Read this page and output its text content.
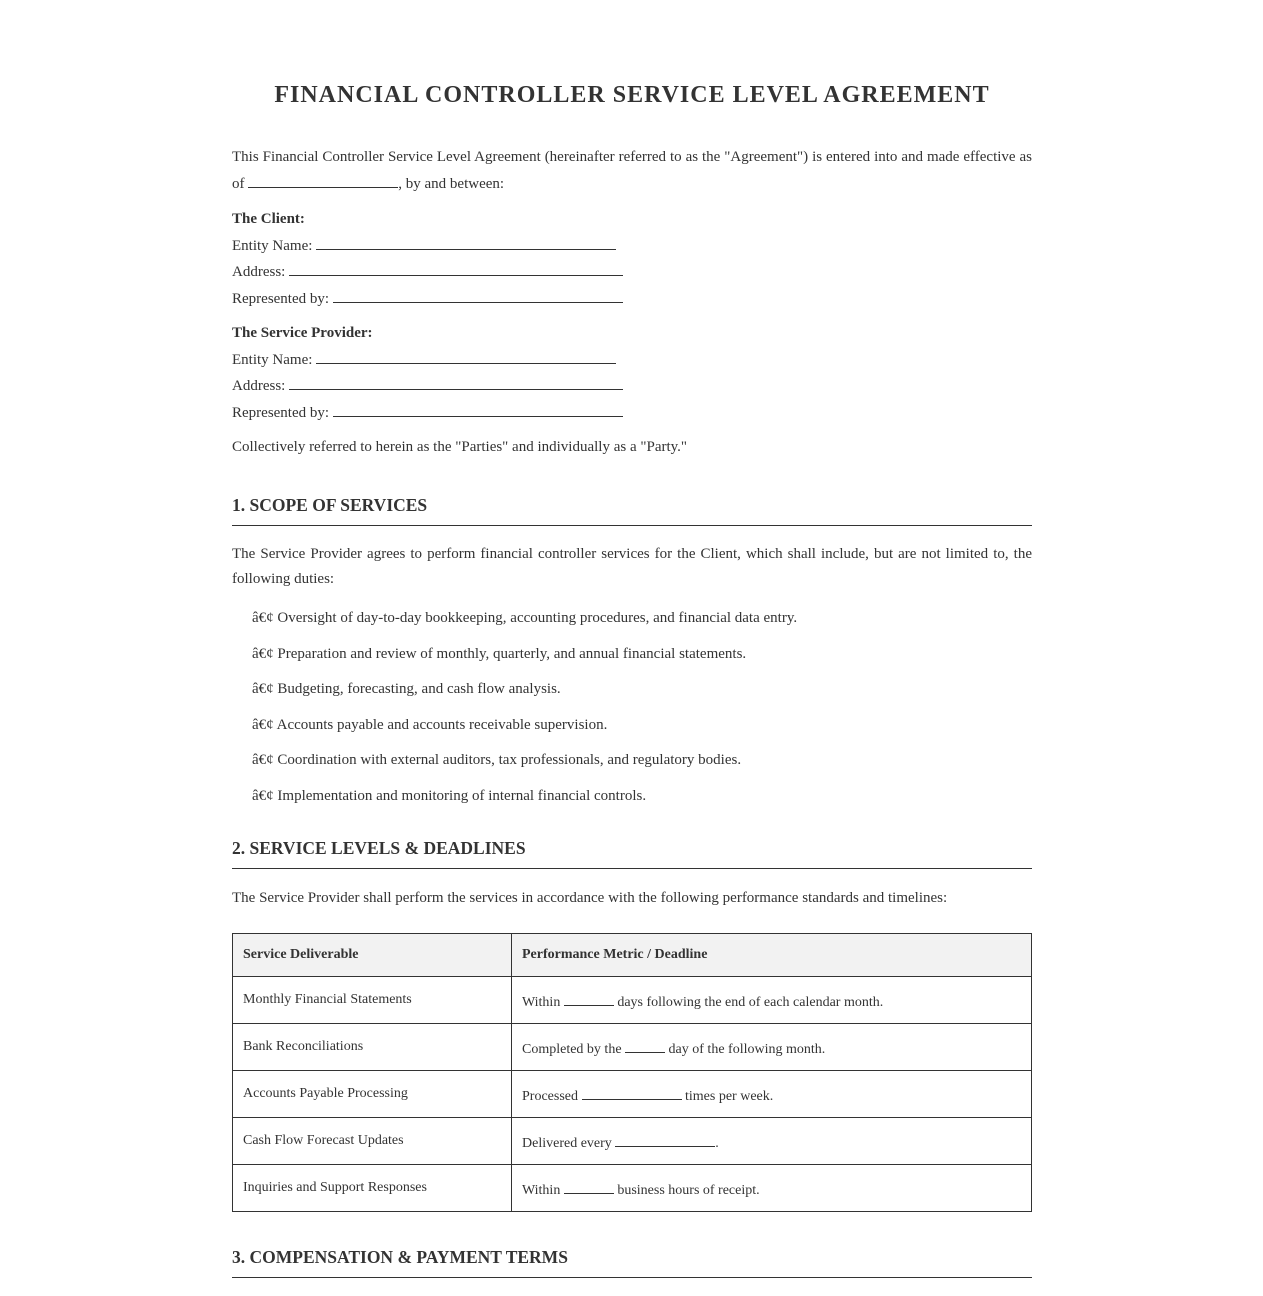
FINANCIAL CONTROLLER SERVICE LEVEL AGREEMENT

This Financial Controller Service Level Agreement (hereinafter referred to as the "Agreement") is entered into and made effective as of	, by and between:

The Client:
Entity Name:
Address:
Represented by:
The Service Provider:
Entity Name:
Address:
Represented by:
Collectively referred to herein as the "Parties" and individually as a "Party."
1. SCOPE OF SERVICES

The Service Provider agrees to perform financial controller services for the Client, which shall include, but are not limited to, the following duties:

â€¢ Oversight of day-to-day bookkeeping, accounting procedures, and financial data entry.
â€¢ Preparation and review of monthly, quarterly, and annual financial statements.
â€¢ Budgeting, forecasting, and cash flow analysis.
â€¢ Accounts payable and accounts receivable supervision.
â€¢ Coordination with external auditors, tax professionals, and regulatory bodies.
â€¢ Implementation and monitoring of internal financial controls.
2. SERVICE LEVELS & DEADLINES

The Service Provider shall perform the services in accordance with the following performance standards and timelines:

Service Deliverable	Performance Metric / Deadline
Monthly Financial Statements	Within days following the end of each calendar month.
Bank Reconciliations	Completed by the day of the following month.
Accounts Payable Processing	Processed times per week.
Cash Flow Forecast Updates	Delivered every .
Inquiries and Support Responses	Within business hours of receipt.
3. COMPENSATION & PAYMENT TERMS
